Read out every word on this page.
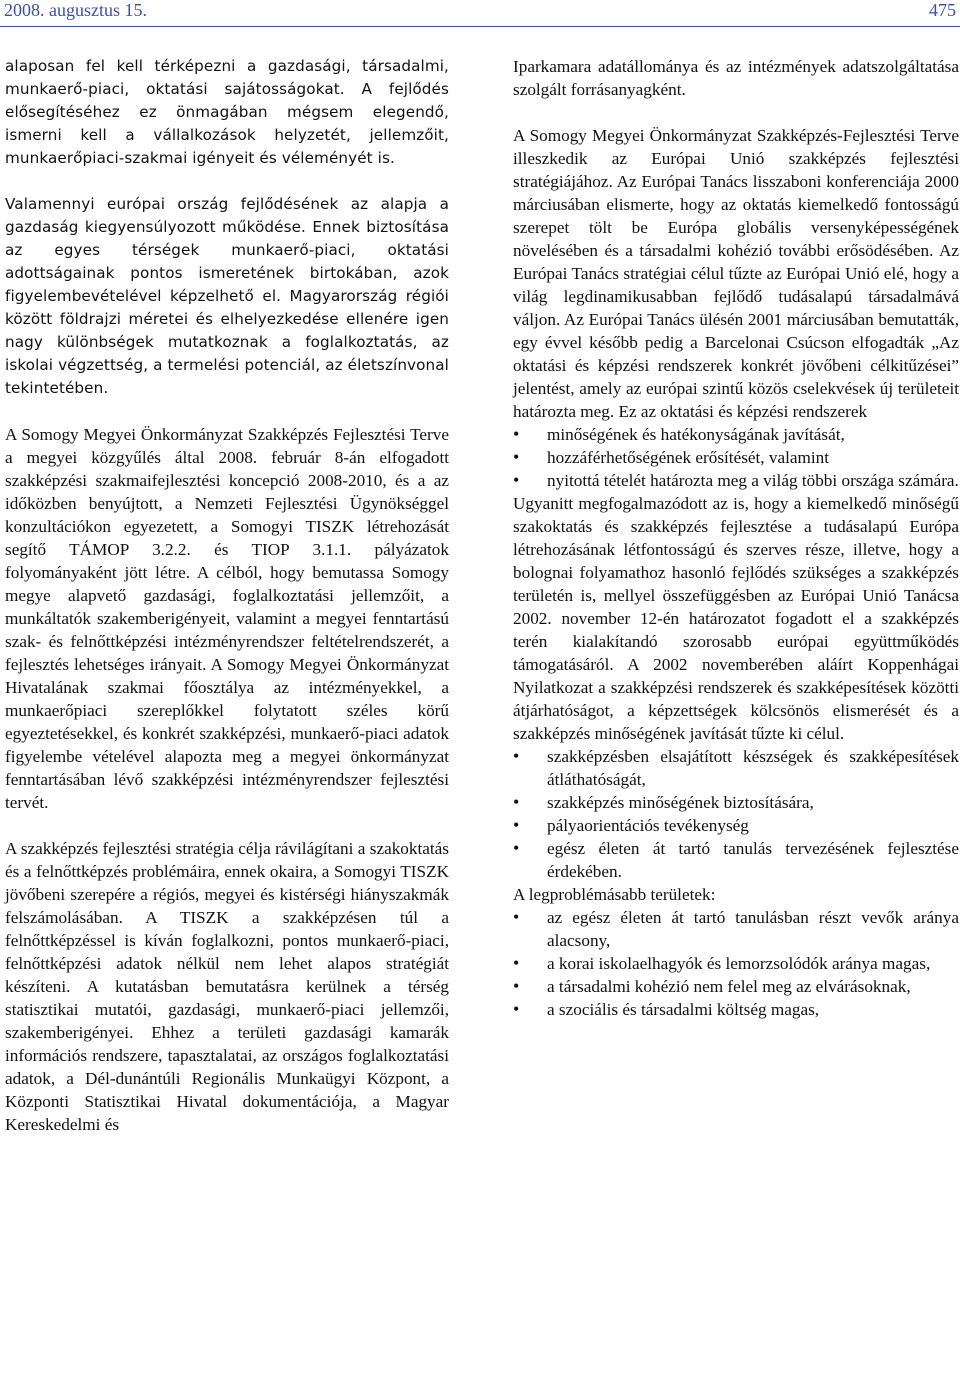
2008. augusztus 15.	475

alaposan fel kell térképezni a gazdasági, társadalmi, munkaerő-piaci, oktatási sajátosságokat. A fejlődés elősegítéséhez ez önmagában mégsem elegendő, ismerni kell a vállalkozások helyzetét, jellemzőit, munkaerőpiaci-szakmai igényeit és véleményét is.

Valamennyi európai ország fejlődésének az alapja a gazdaság kiegyensúlyozott működése. Ennek biztosítása az egyes térségek munkaerő-piaci, oktatási adottságainak pontos ismeretének birtokában, azok figyelembevételével képzelhető el. Magyarország régiói között földrajzi méretei és elhelyezkedése ellenére igen nagy különbségek mutatkoznak a foglalkoztatás, az iskolai végzettség, a termelési potenciál, az életszínvonal tekintetében.

A Somogy Megyei Önkormányzat Szakképzés Fejlesztési Terve a megyei közgyűlés által 2008. február 8-án elfogadott szakképzési szakmaifejlesztési koncepció 2008-2010, és a az időközben benyújtott, a Nemzeti Fejlesztési Ügynökséggel konzultációkon egyezetett, a Somogyi TISZK létrehozását segítő TÁMOP 3.2.2. és TIOP 3.1.1. pályázatok folyományaként jött létre. A célból, hogy bemutassa Somogy megye alapvető gazdasági, foglalkoztatási jellemzőit, a munkáltatók szakemberigényeit, valamint a megyei fenntartású szak- és felnőttképzési intézményrendszer feltételrendszerét, a fejlesztés lehetséges irányait. A Somogy Megyei Önkormányzat Hivatalának szakmai főosztálya az intézményekkel, a munkaerőpiaci szereplőkkel folytatott széles körű egyeztetésekkel, és konkrét szakképzési, munkaerő-piaci adatok figyelembe vételével alapozta meg a megyei önkormányzat fenntartásában lévő szakképzési intézményrendszer fejlesztési tervét.

A szakképzés fejlesztési stratégia célja rávilágítani a szakoktatás és a felnőttképzés problémáira, ennek okaira, a Somogyi TISZK jövőbeni szerepére a régiós, megyei és kistérségi hiányszakmák felszámolásában. A TISZK a szakképzésen túl a felnőttképzéssel is kíván foglalkozni, pontos munkaerő-piaci, felnőttképzési adatok nélkül nem lehet alapos stratégiát készíteni. A kutatásban bemutatásra kerülnek a térség statisztikai mutatói, gazdasági, munkaerő-piaci jellemzői, szakemberigényei. Ehhez a területi gazdasági kamarák információs rendszere, tapasztalatai, az országos foglalkoztatási adatok, a Dél-dunántúli Regionális Munkaügyi Központ, a Központi Statisztikai Hivatal dokumentációja, a Magyar Kereskedelmi és

Iparkamara adatállománya és az intézmények adatszolgáltatása szolgált forrásanyagként.

A Somogy Megyei Önkormányzat Szakképzés-Fejlesztési Terve illeszkedik az Európai Unió szakképzés fejlesztési stratégiájához. Az Európai Tanács lisszaboni konferenciája 2000 márciusában elismerte, hogy az oktatás kiemelkedő fontosságú szerepet tölt be Európa globális versenyképességének növelésében és a társadalmi kohézió további erősödésében. Az Európai Tanács stratégiai célul tűzte az Európai Unió elé, hogy a világ legdinamikusabban fejlődő tudásalapú társadalmává váljon. Az Európai Tanács ülésén 2001 márciusában bemutatták, egy évvel később pedig a Barcelonai Csúcson elfogadták „Az oktatási és képzési rendszerek konkrét jövőbeni célkitűzései” jelentést, amely az európai szintű közös cselekvések új területeit határozta meg. Ez az oktatási és képzési rendszerek

• minőségének és hatékonyságának javítását,
• hozzáférhetőségének erősítését, valamint
• nyitottá tételét határozta meg a világ többi országa számára.

Ugyanitt megfogalmazódott az is, hogy a kiemelkedő minőségű szakoktatás és szakképzés fejlesztése a tudásalapú Európa létrehozásának létfontosságú és szerves része, illetve, hogy a bolognai folyamathoz hasonló fejlődés szükséges a szakképzés területén is, mellyel összefüggésben az Európai Unió Tanácsa 2002. november 12-én határozatot fogadott el a szakképzés terén kialakítandó szorosabb európai együttműködés támogatásáról. A 2002 novemberében aláírt Koppenhágai Nyilatkozat a szakképzési rendszerek és szakképesítések közötti átjárhatóságot, a képzettségek kölcsönös elismerését és a szakképzés minőségének javítását tűzte ki célul.

• szakképzésben elsajátított készségek és szakképesítések átláthatóságát,
• szakképzés minőségének biztosítására,
• pályaorientációs tevékenység
• egész életen át tartó tanulás tervezésének fejlesztése érdekében.

A legproblémásabb területek:

• az egész életen át tartó tanulásban részt vevők aránya alacsony,
• a korai iskolaelhagyók és lemorzsolódók aránya magas,
• a társadalmi kohézió nem felel meg az elvárásoknak,
• a szociális és társadalmi költség magas,
